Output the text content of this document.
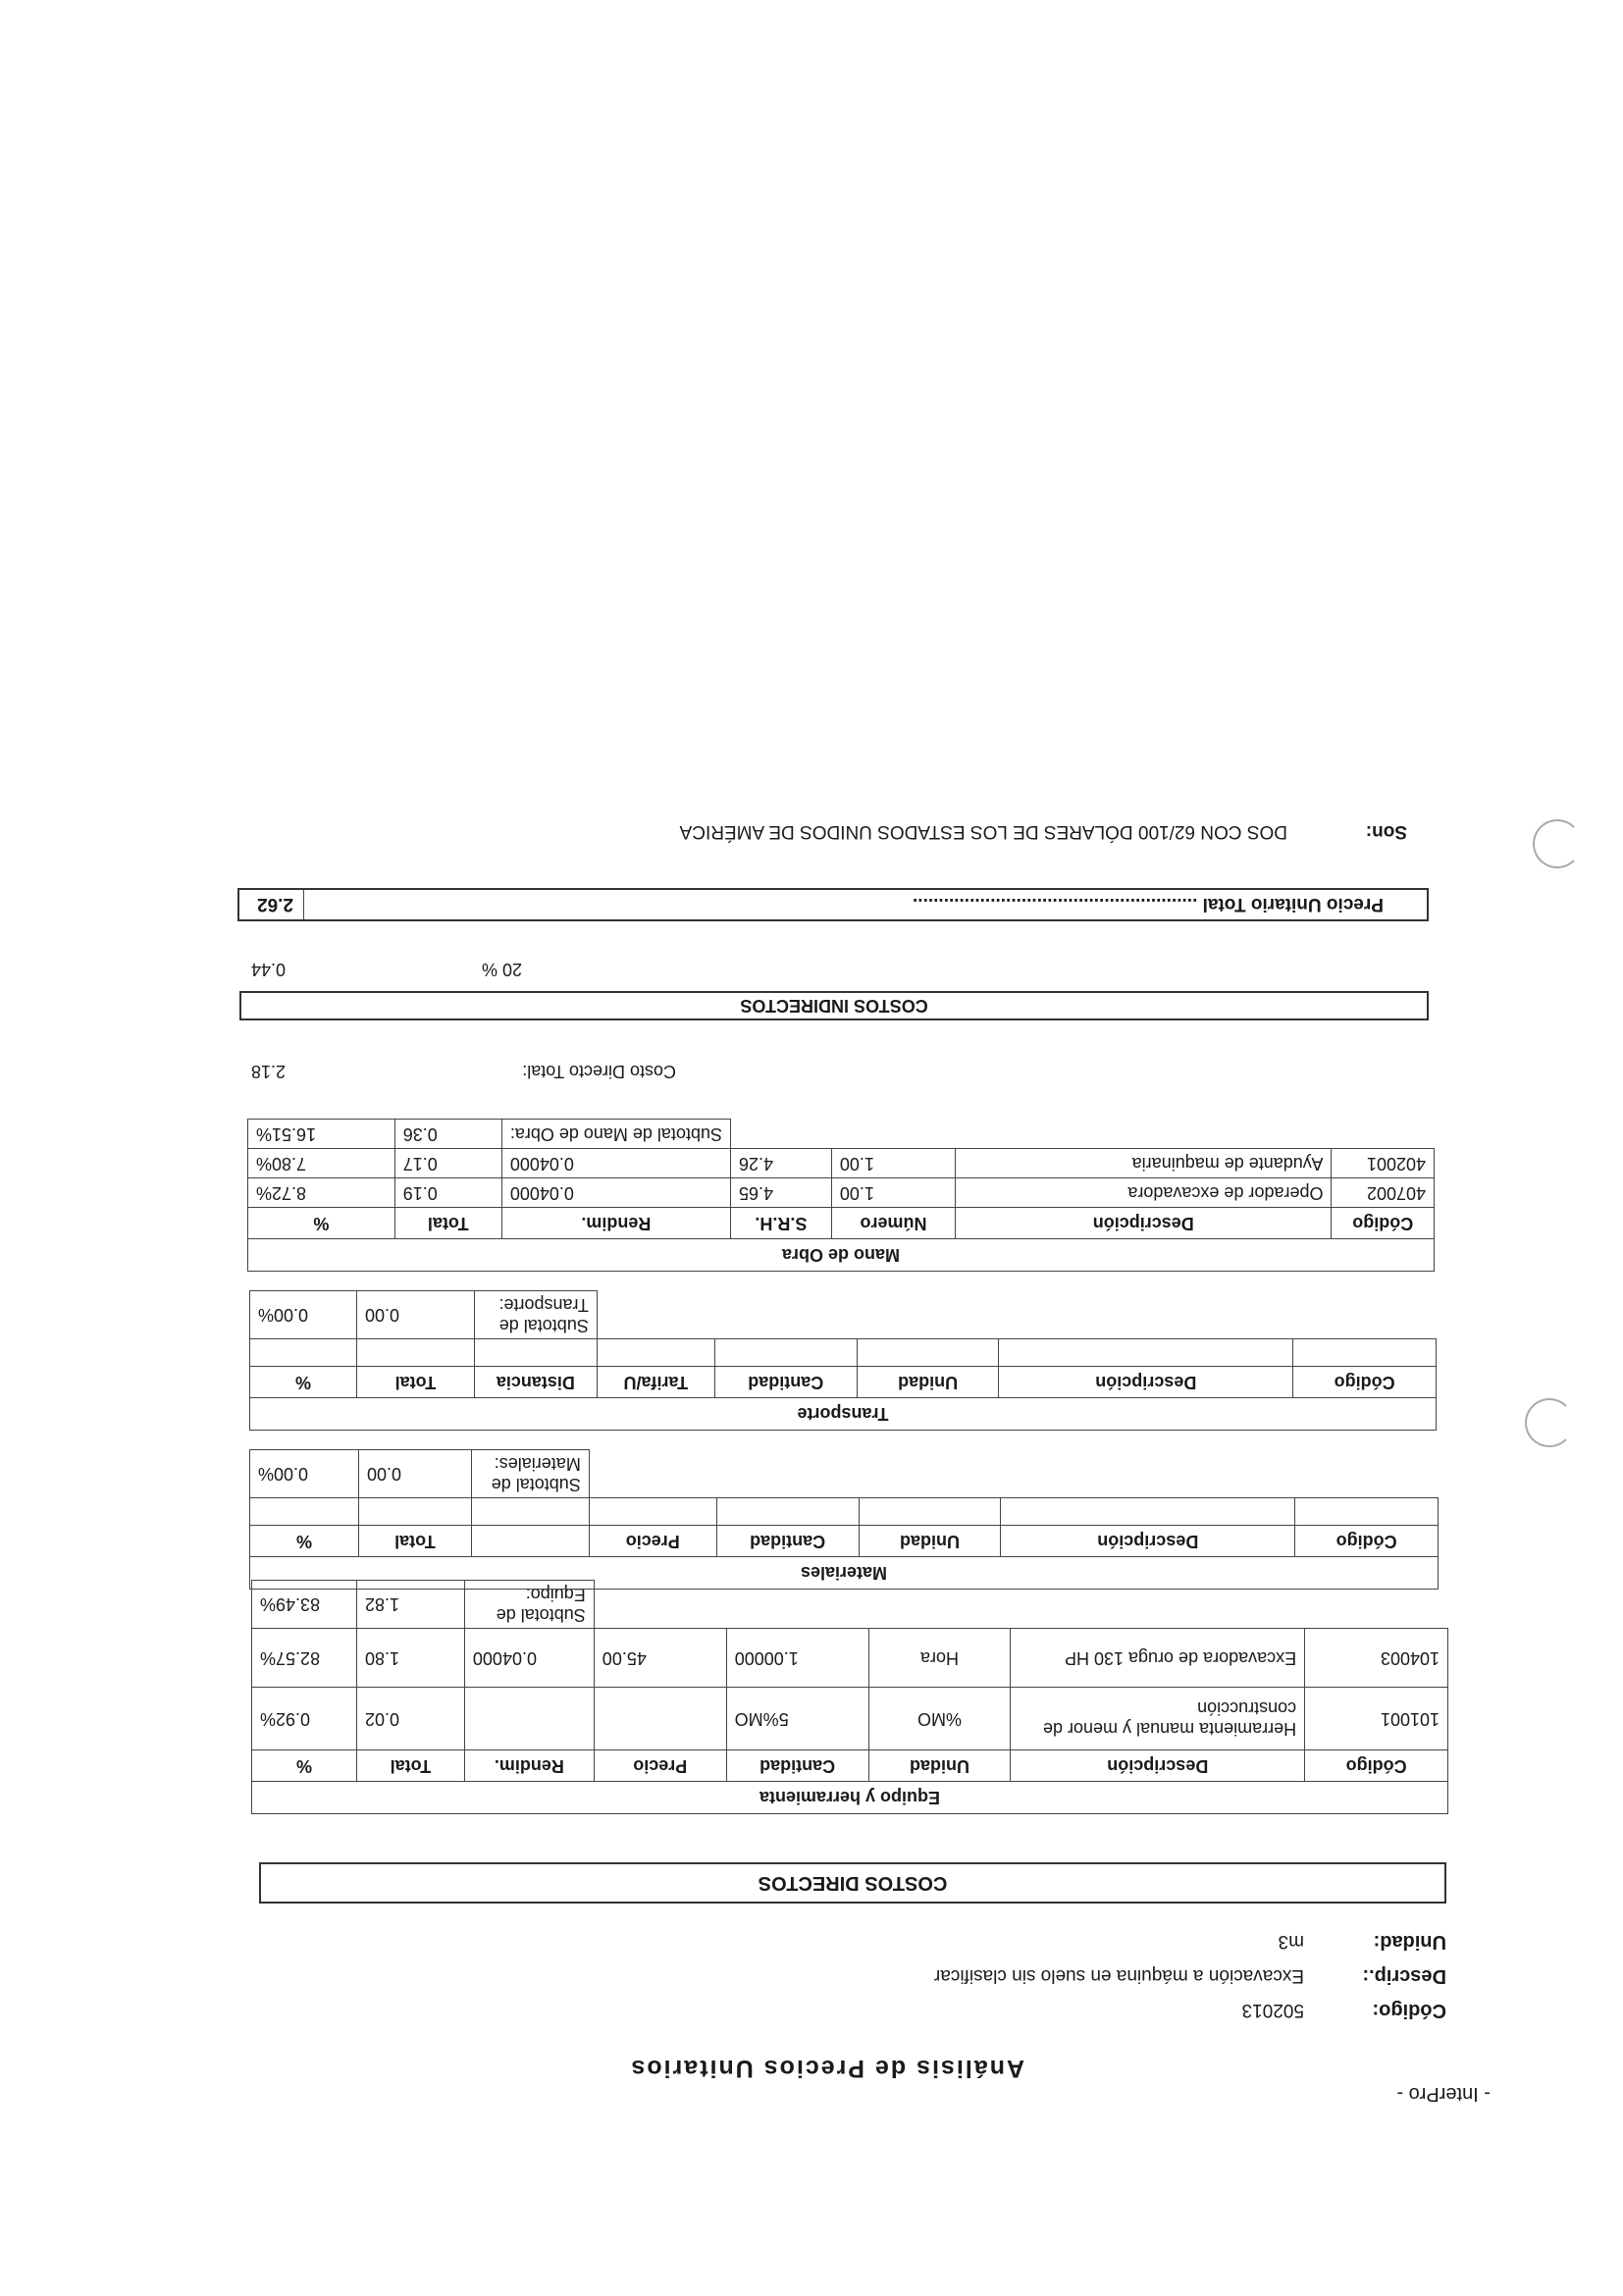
- InterPro -
Análisis de Precios Unitarios
Código:
502013
Descrip.:
Excavación a máquina en suelo sin clasificar
Unidad:
m3
COSTOS DIRECTOS
Equipo y herramienta							
Código	Descripción	Unidad	Cantidad	Precio	Rendim.	Total	%
101001	Herramienta manual y menor de construcción	%MO	5%MO			0.02	0.92%
104003	Excavadora de oruga 130 HP	Hora	1.00000	45.00	0.04000	1.80	82.57%
					Subtotal de Equipo:	1.82	83.49%
Materiales							
Código	Descripción	Unidad	Cantidad	Precio		Total	%

					Subtotal de Materiales:	0.00	0.00%
Transporte							
Código	Descripción	Unidad	Cantidad	Tarifa/U	Distancia	Total	%

					Subtotal de Transporte:	0.00	0.00%
Mano de Obra						
Código	Descripción	Número	S.R.H.	Rendim.	Total	%
407002	Operador de excavadora	1.00	4.65	0.04000	0.19	8.72%
402001	Ayudante de maquinaria	1.00	4.26	0.04000	0.17	7.80%
				Subtotal de Mano de Obra:	0.36	16.51%
Costo Directo Total:
2.18
COSTOS INDIRECTOS
20 %
0.44
Precio Unitario Total .......................................................
2.62
Son:
DOS CON 62/100 DÓLARES DE LOS ESTADOS UNIDOS DE AMÉRICA
